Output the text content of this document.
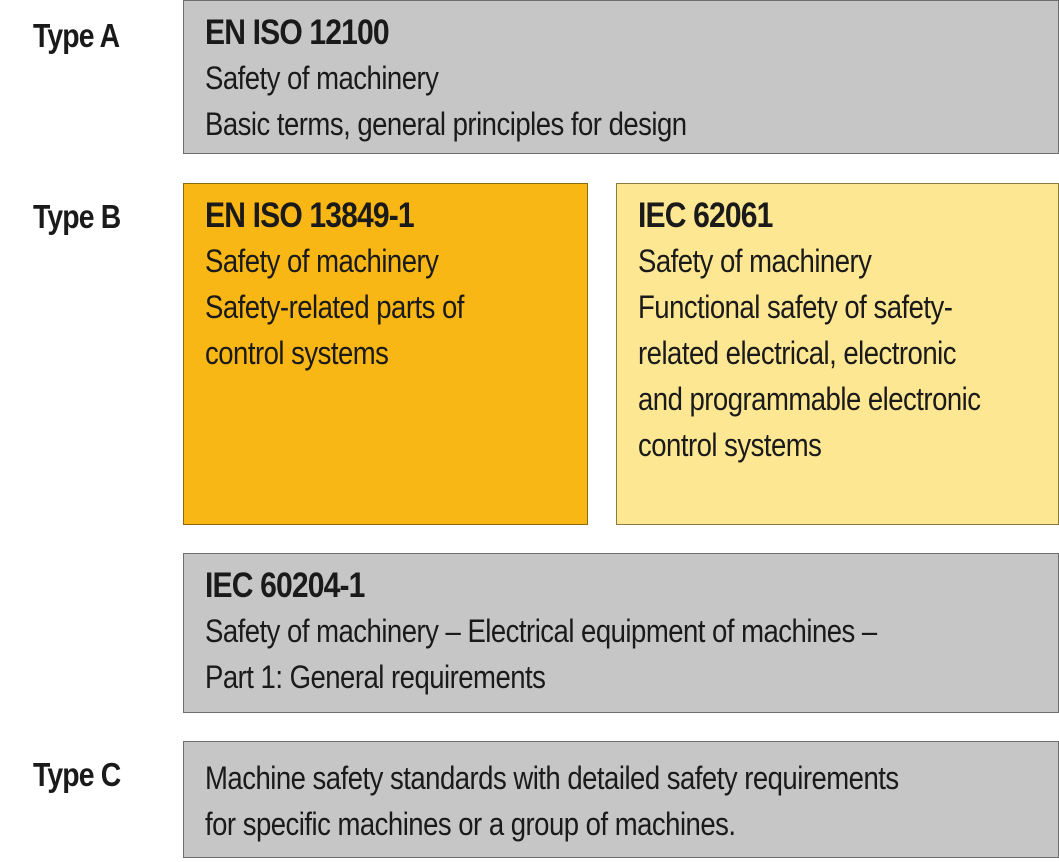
Type A
Type B
Type C
EN ISO 12100
Safety of machinery
Basic terms, general principles for design
EN ISO 13849-1
Safety of machinery
Safety-related parts of
control systems
IEC 62061
Safety of machinery
Functional safety of safety-
related electrical, electronic
and programmable electronic
control systems
IEC 60204-1
Safety of machinery – Electrical equipment of machines –
Part 1: General requirements
Machine safety standards with detailed safety requirements
for specific machines or a group of machines.
